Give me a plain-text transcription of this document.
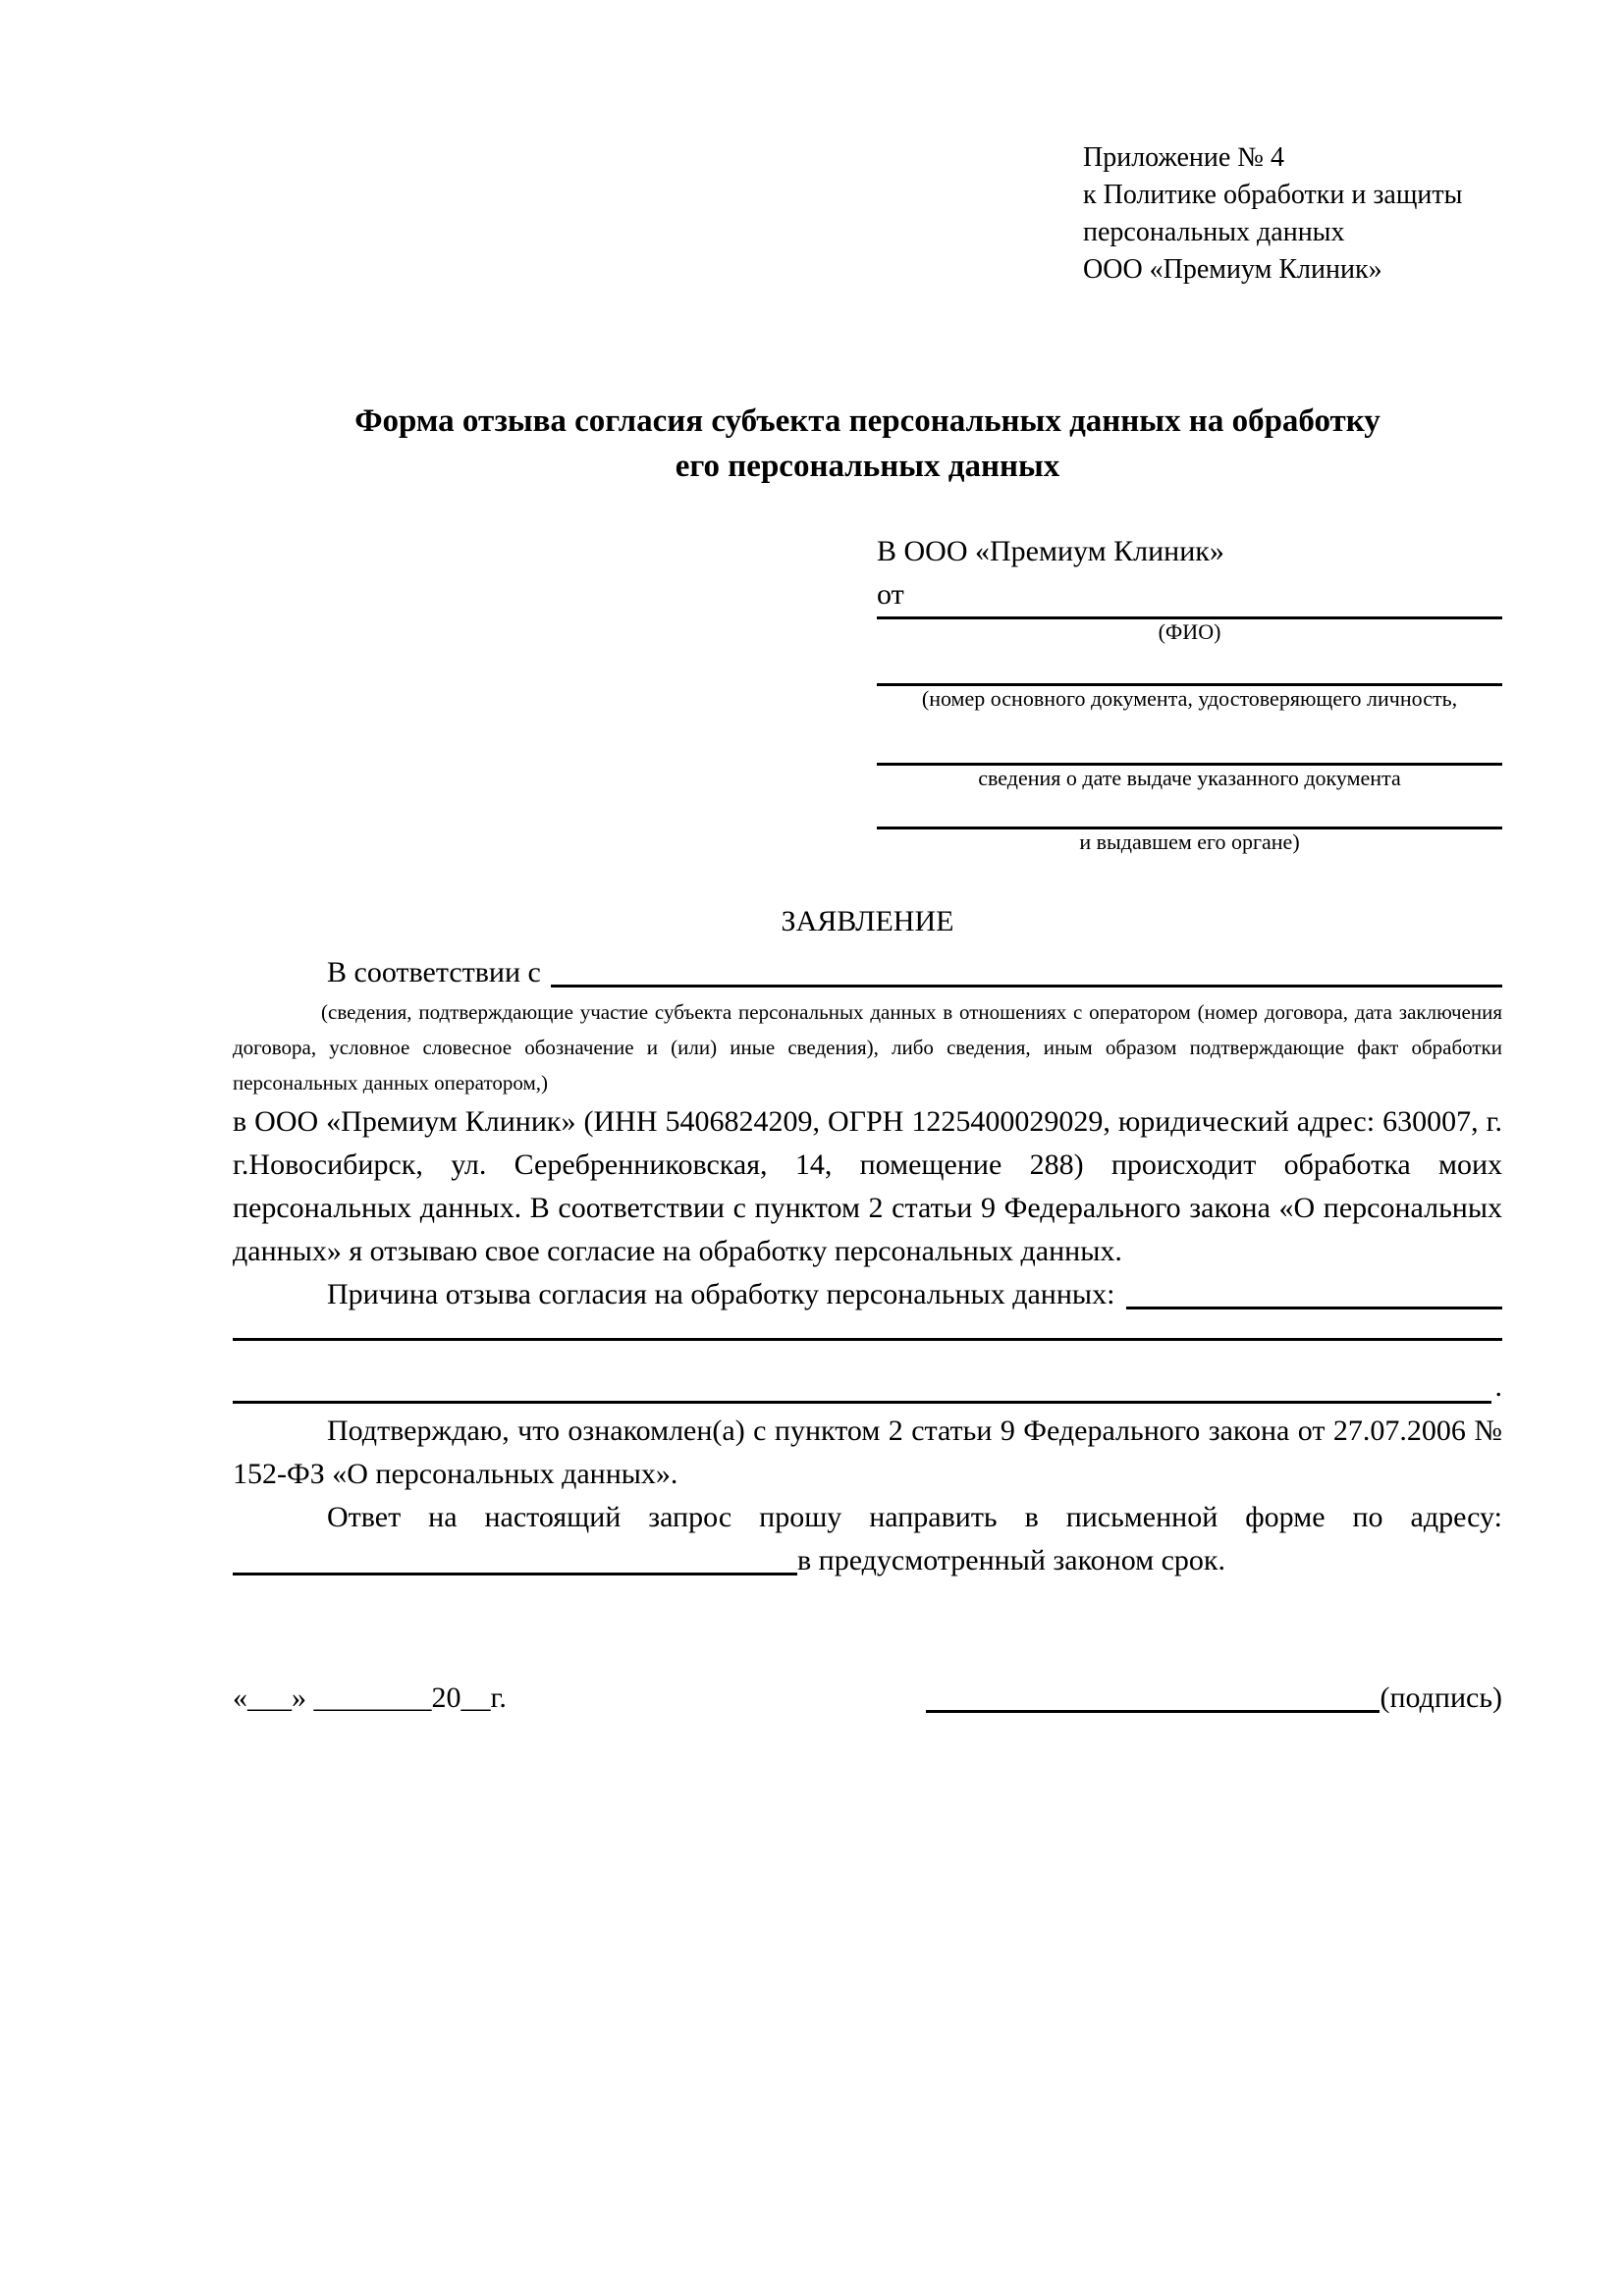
Приложение № 4
к Политике обработки и защиты
персональных данных
ООО «Премиум Клиник»
Форма отзыва согласия субъекта персональных данных на обработку
его персональных данных
В ООО «Премиум Клиник»
от
(ФИО)
(номер основного документа, удостоверяющего личность,
сведения о дате выдаче указанного документа
и выдавшем его органе)
ЗАЯВЛЕНИЕ
В соответствии с
(сведения, подтверждающие участие субъекта персональных данных в отношениях с оператором (номер договора, дата заключения договора, условное словесное обозначение и (или) иные сведения), либо сведения, иным образом подтверждающие факт обработки персональных данных оператором,)
в ООО «Премиум Клиник» (ИНН 5406824209, ОГРН 1225400029029, юридический адрес: 630007, г. г.Новосибирск, ул. Серебренниковская, 14, помещение 288) происходит обработка моих персональных данных. В соответствии с пунктом 2 статьи 9 Федерального закона «О персональных данных» я отзываю свое согласие на обработку персональных данных.
Причина отзыва согласия на обработку персональных данных:
.
Подтверждаю, что ознакомлен(а) с пунктом 2 статьи 9 Федерального закона от 27.07.2006 № 152-ФЗ «О персональных данных».
Ответ на настоящий запрос прошу направить в письменной форме по адресу:
в предусмотренный законом срок.
«___» ________20__г.	(подпись)
